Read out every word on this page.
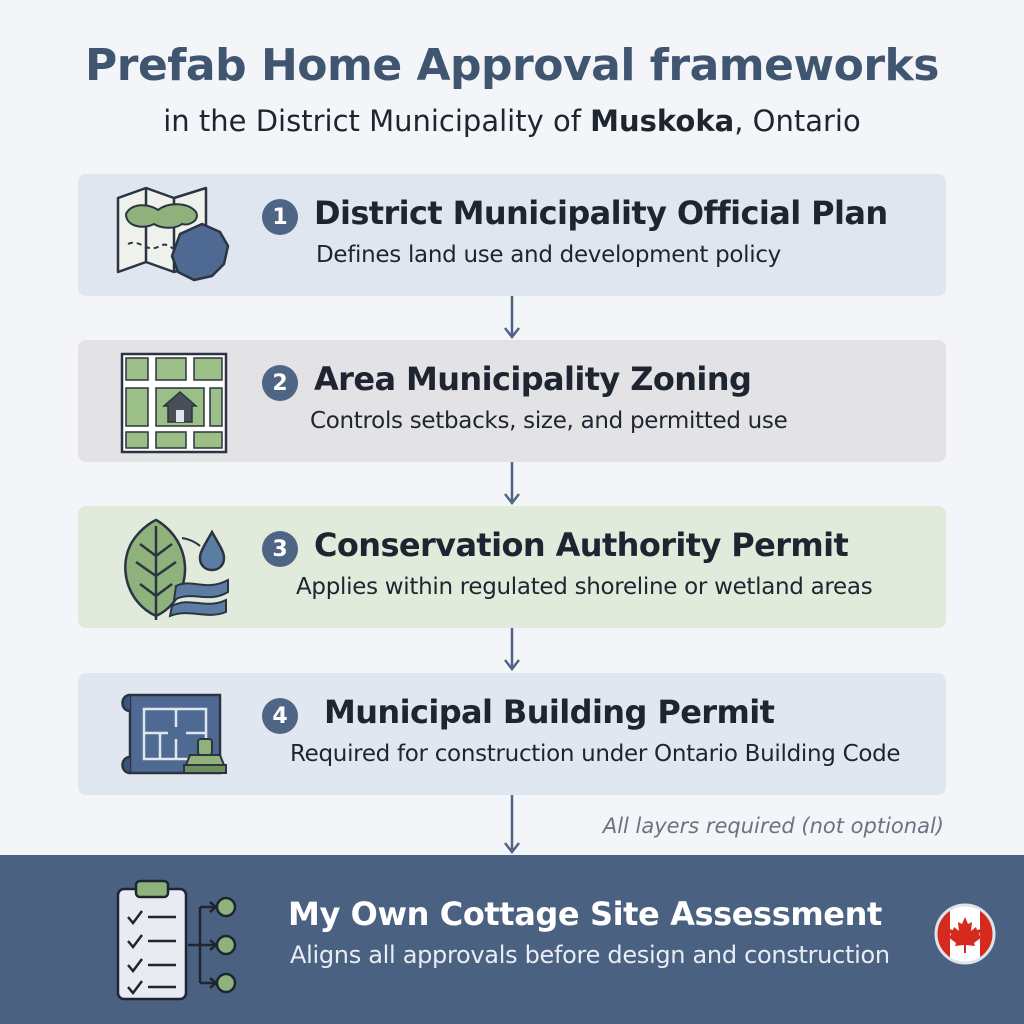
Prefab Home Approval frameworks
in the District Municipality of Muskoka, Ontario
1 District Municipality Official Plan
Defines land use and development policy
2 Area Municipality Zoning
Controls setbacks, size, and permitted use
3 Conservation Authority Permit
Applies within regulated shoreline or wetland areas
4	Municipal Building Permit
Required for construction under Ontario Building Code
All layers required (not optional)
My Own Cottage Site Assessment
Aligns all approvals before design and construction
